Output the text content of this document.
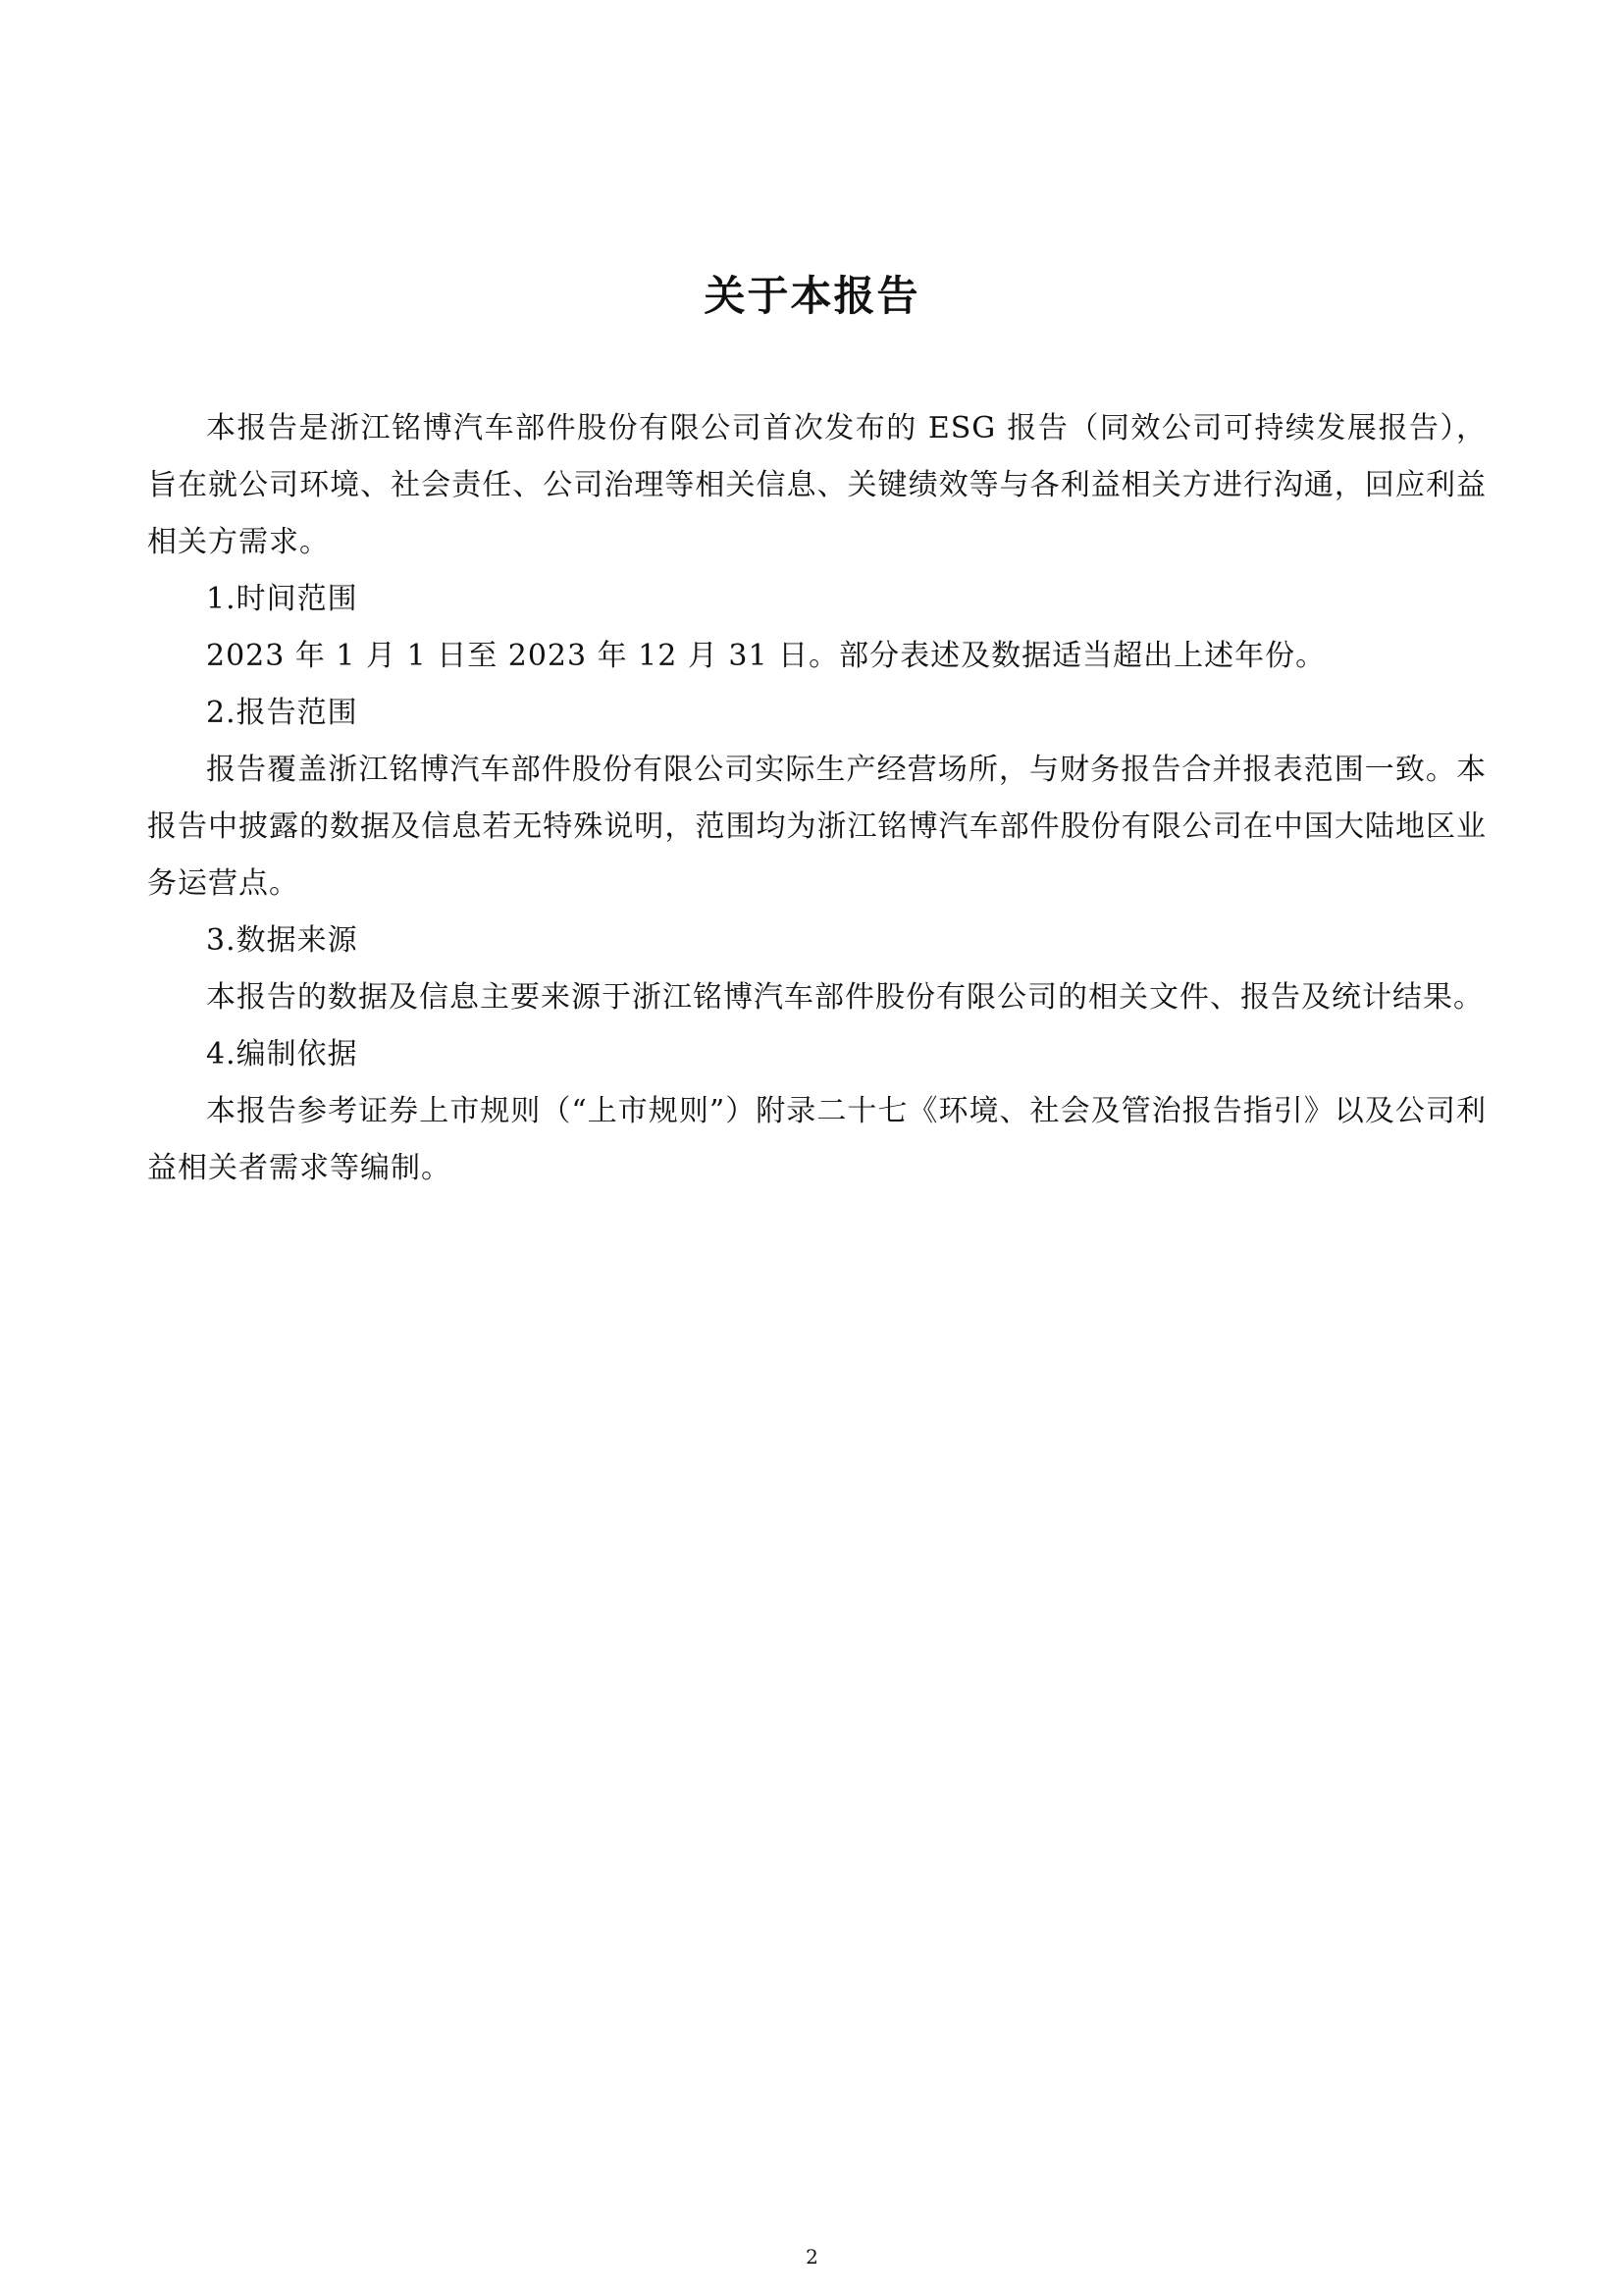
关于本报告

本报告是浙江铭博汽车部件股份有限公司首次发布的 ESG 报告（同效公司可持续发展报告），旨在就公司环境、社会责任、公司治理等相关信息、关键绩效等与各利益相关方进行沟通，回应利益相关方需求。

1.时间范围

2023 年 1 月 1 日至 2023 年 12 月 31 日。部分表述及数据适当超出上述年份。

2.报告范围

报告覆盖浙江铭博汽车部件股份有限公司实际生产经营场所，与财务报告合并报表范围一致。本报告中披露的数据及信息若无特殊说明，范围均为浙江铭博汽车部件股份有限公司在中国大陆地区业务运营点。

3.数据来源

本报告的数据及信息主要来源于浙江铭博汽车部件股份有限公司的相关文件、报告及统计结果。

4.编制依据

本报告参考证券上市规则（“上市规则”）附录二十七《环境、社会及管治报告指引》以及公司利益相关者需求等编制。

2
